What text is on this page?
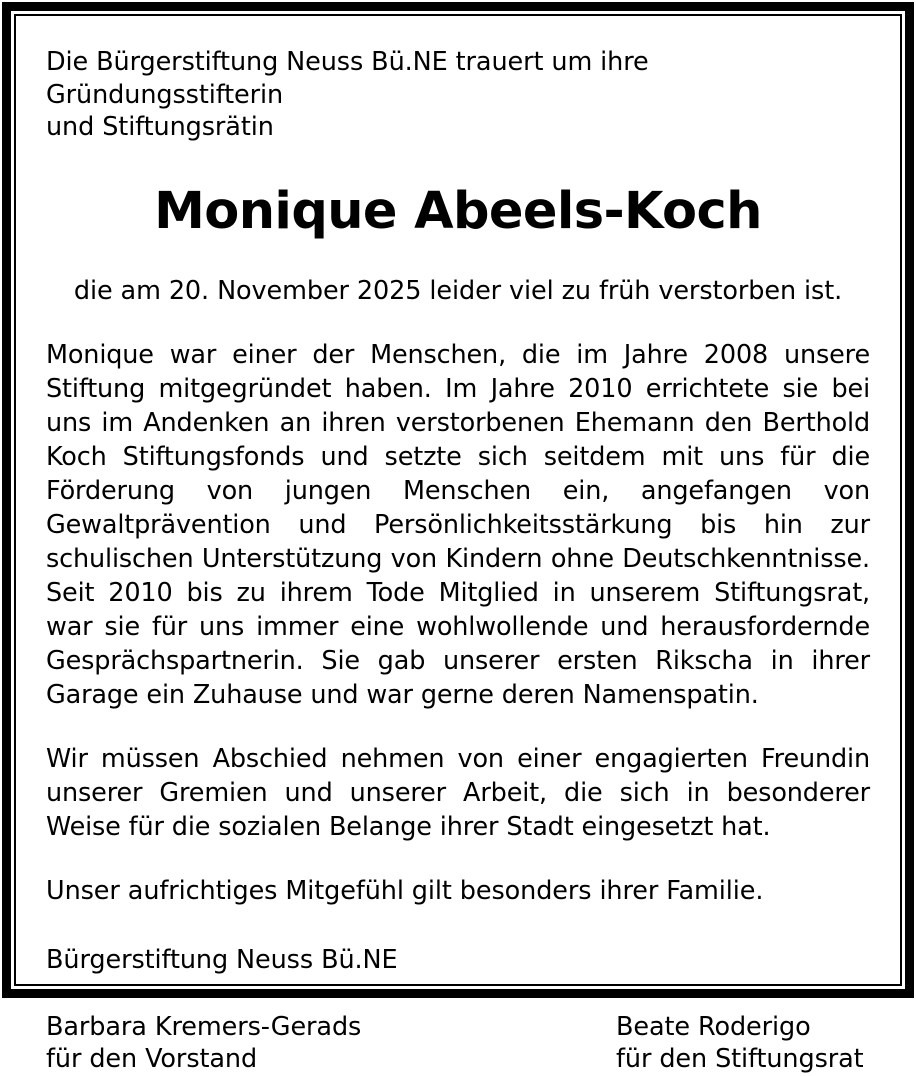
Die Bürgerstiftung Neuss Bü.NE trauert um ihre Gründungsstifterin
und Stiftungsrätin

Monique Abeels-Koch

die am 20. November 2025 leider viel zu früh verstorben ist.

Monique war einer der Menschen, die im Jahre 2008 unsere Stiftung mitgegründet haben. Im Jahre 2010 errichtete sie bei uns im Andenken an ihren verstorbenen Ehemann den Berthold Koch Stiftungsfonds und setzte sich seitdem mit uns für die Förderung von jungen Menschen ein, angefangen von Gewaltprävention und Persönlichkeitsstärkung bis hin zur schulischen Unterstützung von Kindern ohne Deutschkenntnisse. Seit 2010 bis zu ihrem Tode Mitglied in unserem Stiftungsrat, war sie für uns immer eine wohlwollende und herausfordernde Gesprächspartnerin. Sie gab unserer ersten Rikscha in ihrer Garage ein Zuhause und war gerne deren Namenspatin.

Wir müssen Abschied nehmen von einer engagierten Freundin unserer Gremien und unserer Arbeit, die sich in besonderer Weise für die sozialen Belange ihrer Stadt eingesetzt hat.

Unser aufrichtiges Mitgefühl gilt besonders ihrer Familie.

Bürgerstiftung Neuss Bü.NE

Barbara Kremers-Gerads
für den Vorstand
Beate Roderigo
für den Stiftungsrat
